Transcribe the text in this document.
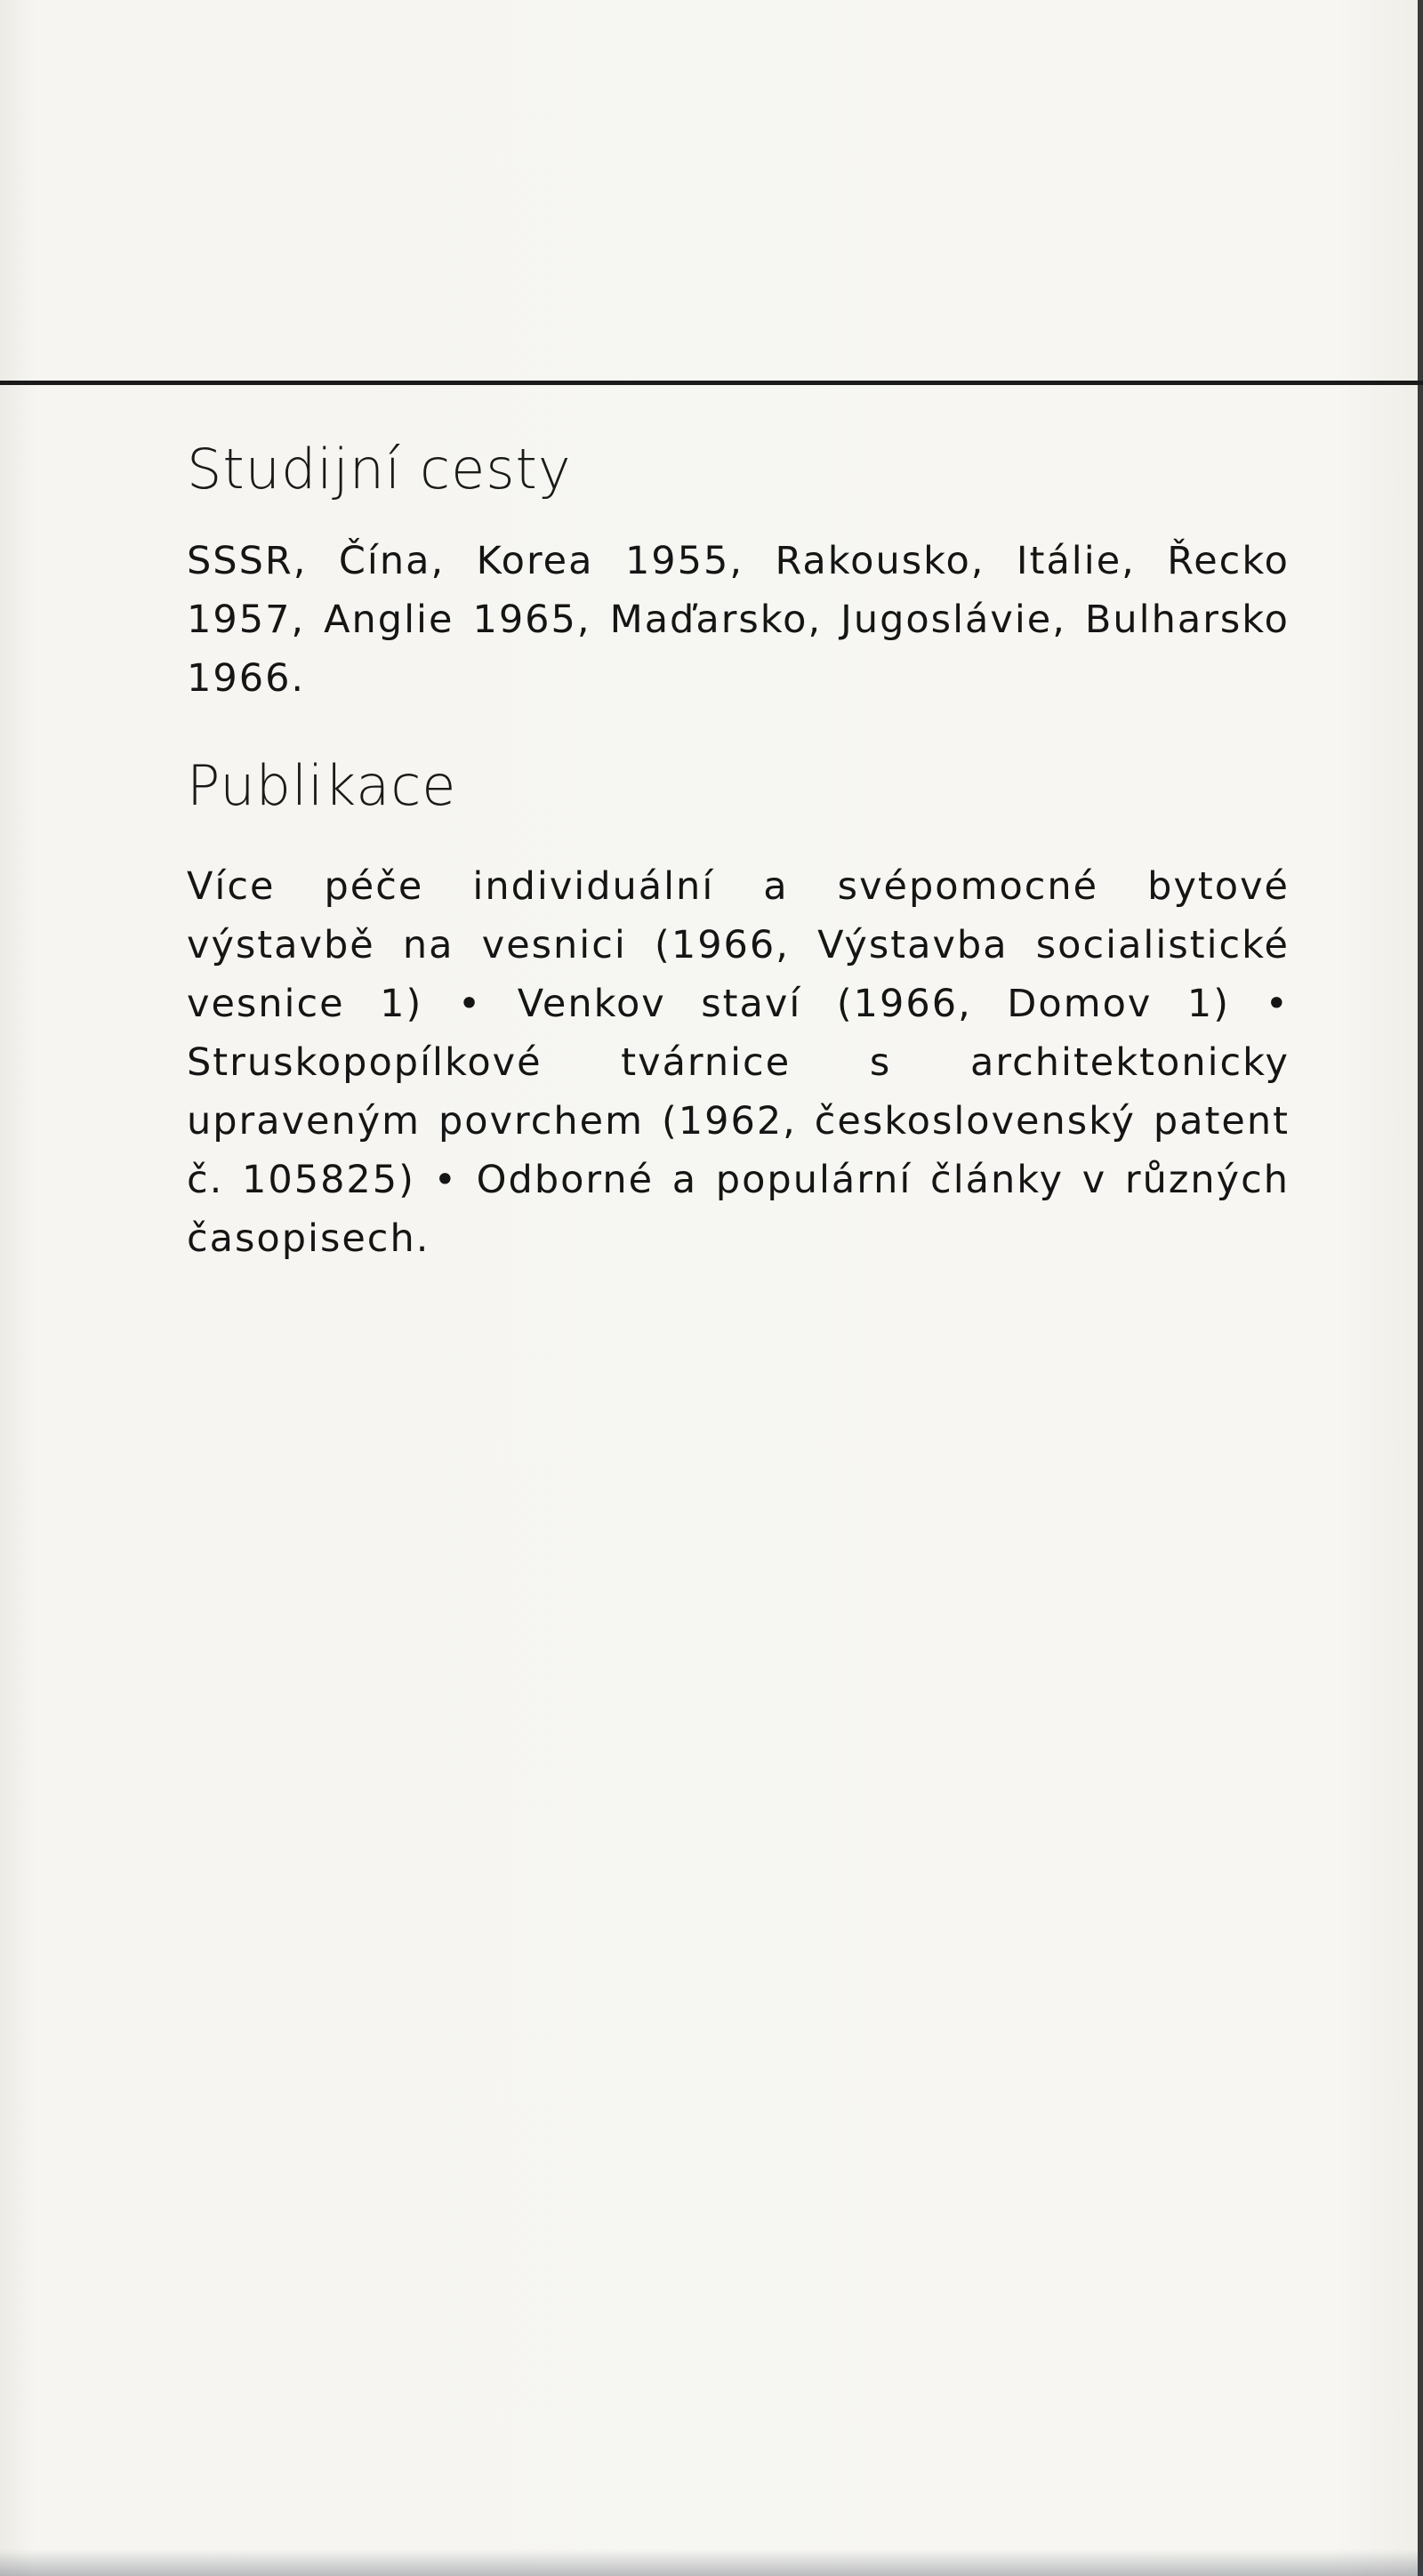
Studijní cesty

SSSR, Čína, Korea 1955, Rakousko, Itálie, Řecko 1957, Anglie 1965, Maďarsko, Jugoslávie, Bulharsko 1966.

Publikace

Více péče individuální a svépomocné bytové výstavbě na vesnici (1966, Výstavba socialistické vesnice 1) • Venkov staví (1966, Domov 1) • Struskopopílkové tvárnice s architektonicky upraveným povrchem (1962, československý patent č. 105825) • Odborné a populární články v různých časopisech.
